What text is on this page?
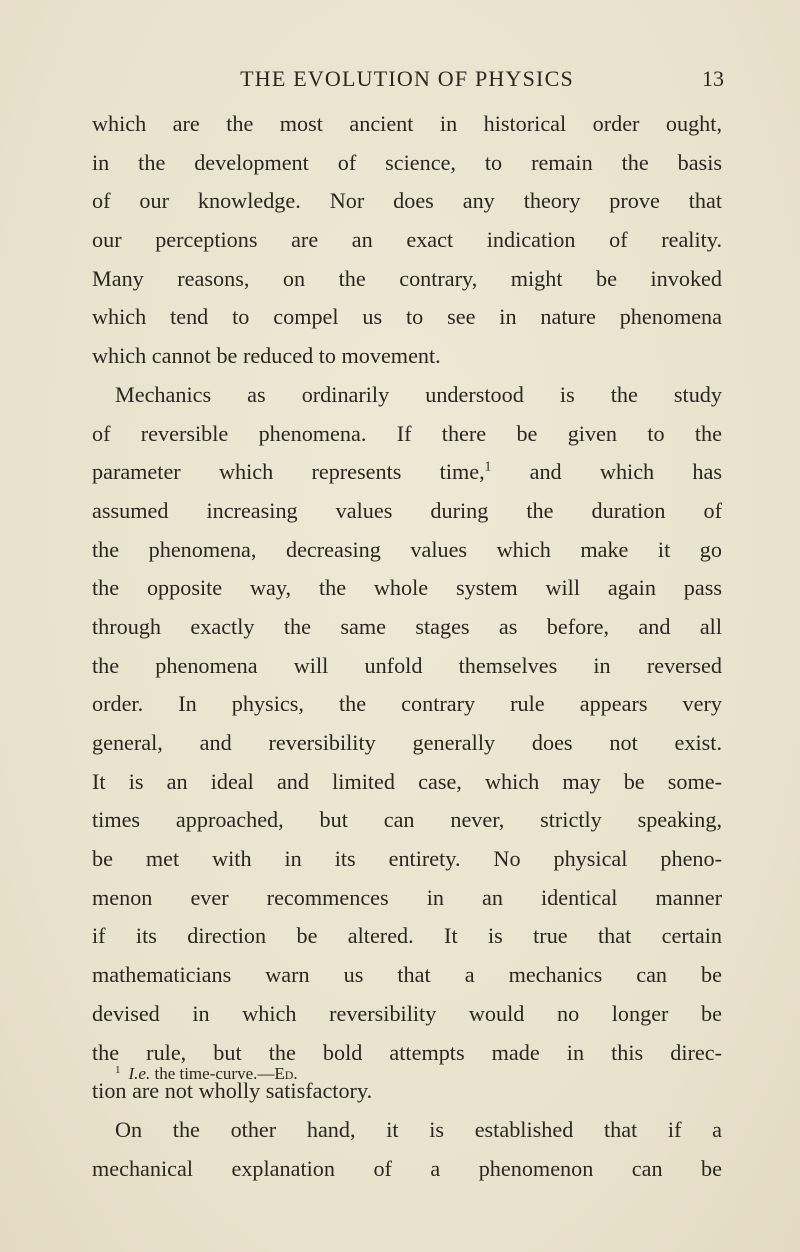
THE EVOLUTION OF PHYSICS	13
which are the most ancient in historical order ought,
in the development of science, to remain the basis
of our knowledge. Nor does any theory prove that
our perceptions are an exact indication of reality.
Many reasons, on the contrary, might be invoked
which tend to compel us to see in nature phenomena
which cannot be reduced to movement.
Mechanics as ordinarily understood is the study
of reversible phenomena. If there be given to the
parameter which represents time,$^1$ and which has
assumed increasing values during the duration of
the phenomena, decreasing values which make it go
the opposite way, the whole system will again pass
through exactly the same stages as before, and all
the phenomena will unfold themselves in reversed
order. In physics, the contrary rule appears very
general, and reversibility generally does not exist.
It is an ideal and limited case, which may be some-
times approached, but can never, strictly speaking,
be met with in its entirety. No physical pheno-
menon ever recommences in an identical manner
if its direction be altered. It is true that certain
mathematicians warn us that a mechanics can be
devised in which reversibility would no longer be
the rule, but the bold attempts made in this direc-
tion are not wholly satisfactory.
On the other hand, it is established that if a
mechanical explanation of a phenomenon can be
$^1$ I.e. the time-curve.—Ed.
